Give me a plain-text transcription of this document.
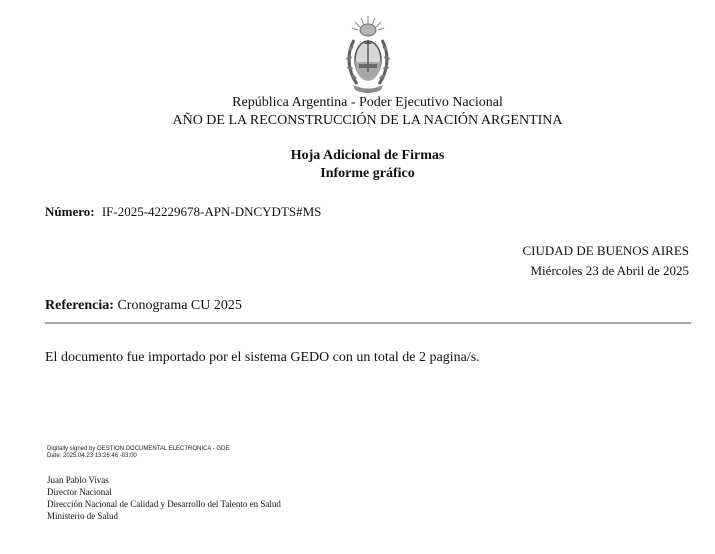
República Argentina - Poder Ejecutivo Nacional
AÑO DE LA RECONSTRUCCIÓN DE LA NACIÓN ARGENTINA
Hoja Adicional de Firmas
Informe gráfico
Número: IF-2025-42229678-APN-DNCYDTS#MS
CIUDAD DE BUENOS AIRES
Miércoles 23 de Abril de 2025
Referencia: Cronograma CU 2025
El documento fue importado por el sistema GEDO con un total de 2 pagina/s.
Digitally signed by GESTION DOCUMENTAL ELECTRONICA - GDE
Date: 2025.04.23 13:26:46 -03:00
Juan Pablo Vivas
Director Nacional
Dirección Nacional de Calidad y Desarrollo del Talento en Salud
Ministerio de Salud
